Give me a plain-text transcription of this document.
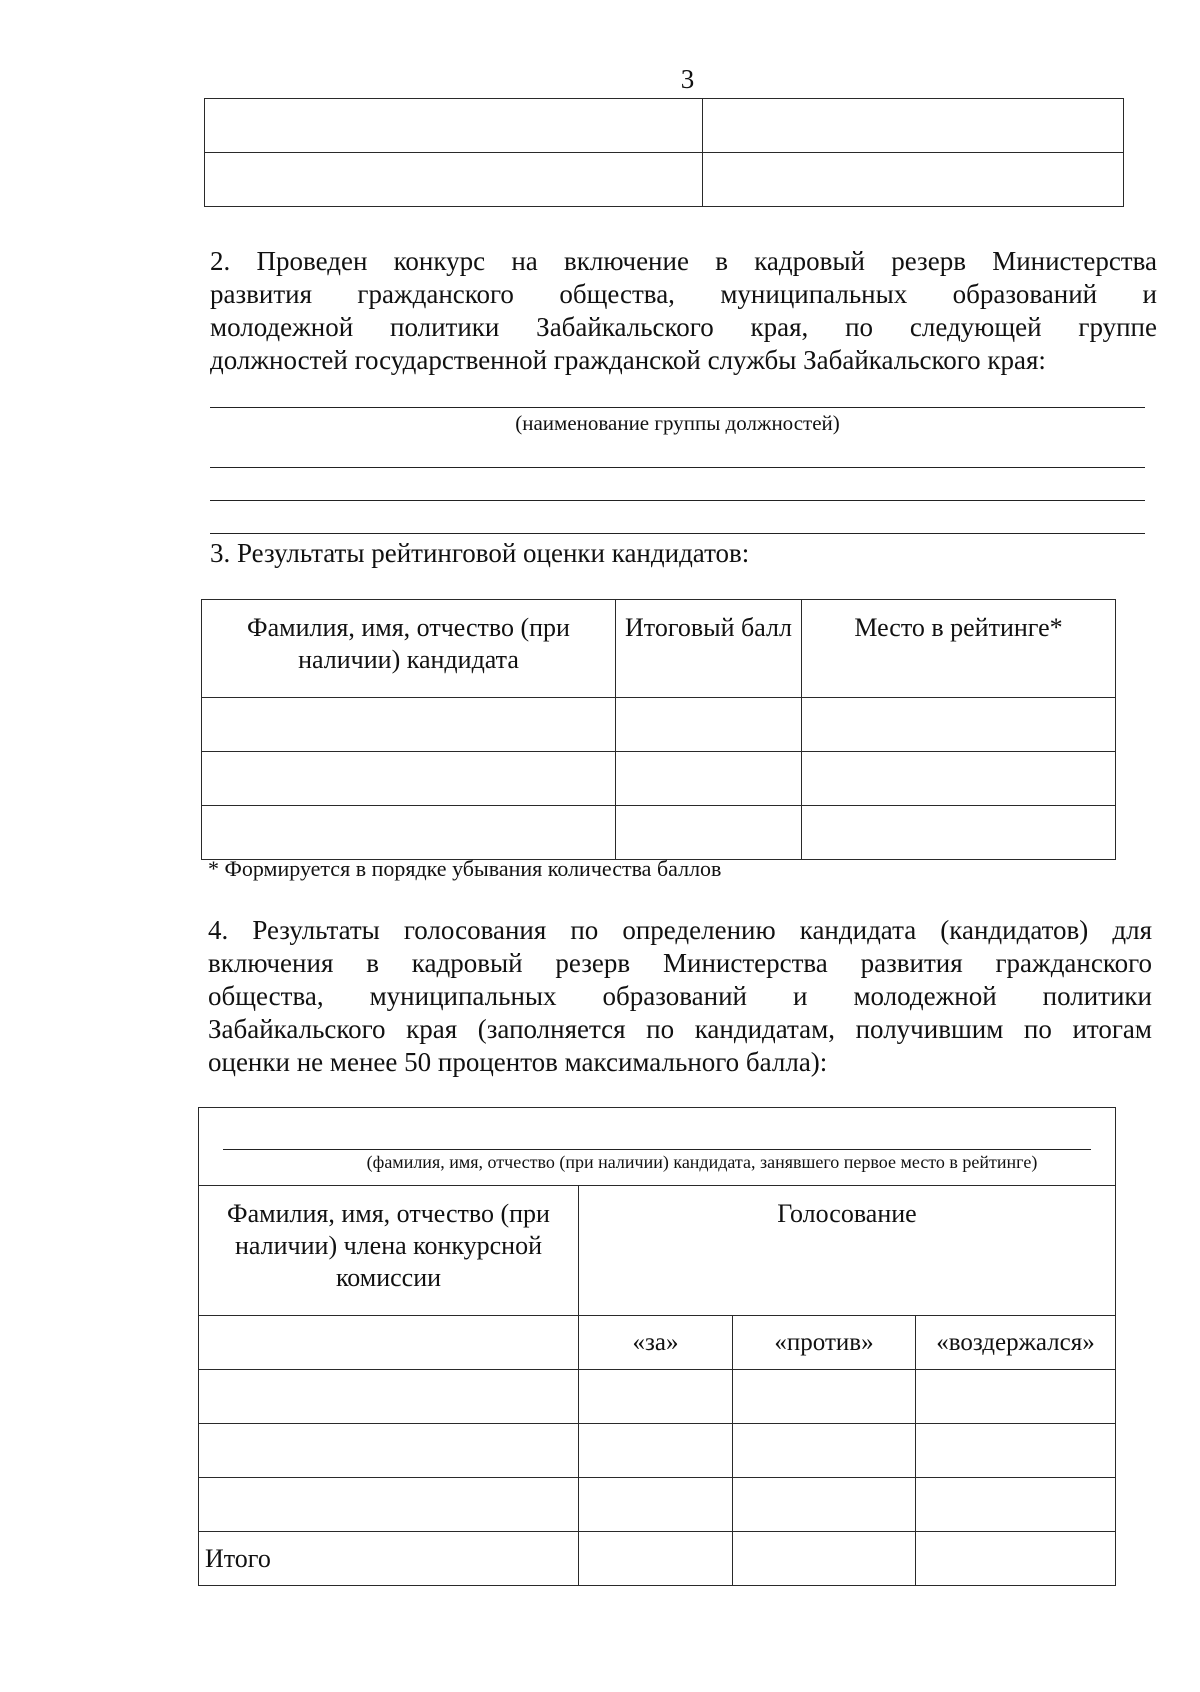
3

2. Проведен конкурс на включение в кадровый резерв Министерства
развития гражданского общества, муниципальных образований и
молодежной политики Забайкальского края, по следующей группе
должностей государственной гражданской службы Забайкальского края:
(наименование группы должностей)
3. Результаты рейтинговой оценки кандидатов:
Фамилия, имя, отчество (при наличии) кандидата	Итоговый балл	Место в рейтинге*

* Формируется в порядке убывания количества баллов
4. Результаты голосования по определению кандидата (кандидатов) для
включения в кадровый резерв Министерства развития гражданского
общества, муниципальных образований и молодежной политики
Забайкальского края (заполняется по кандидатам, получившим по итогам
оценки не менее 50 процентов максимального балла):
(фамилия, имя, отчество (при наличии) кандидата, занявшего первое место в рейтинге)			

Фамилия, имя, отчество (при наличии) члена конкурсной комиссии	Голосование		
	«за»	«против»	«воздержался»

Итого			
